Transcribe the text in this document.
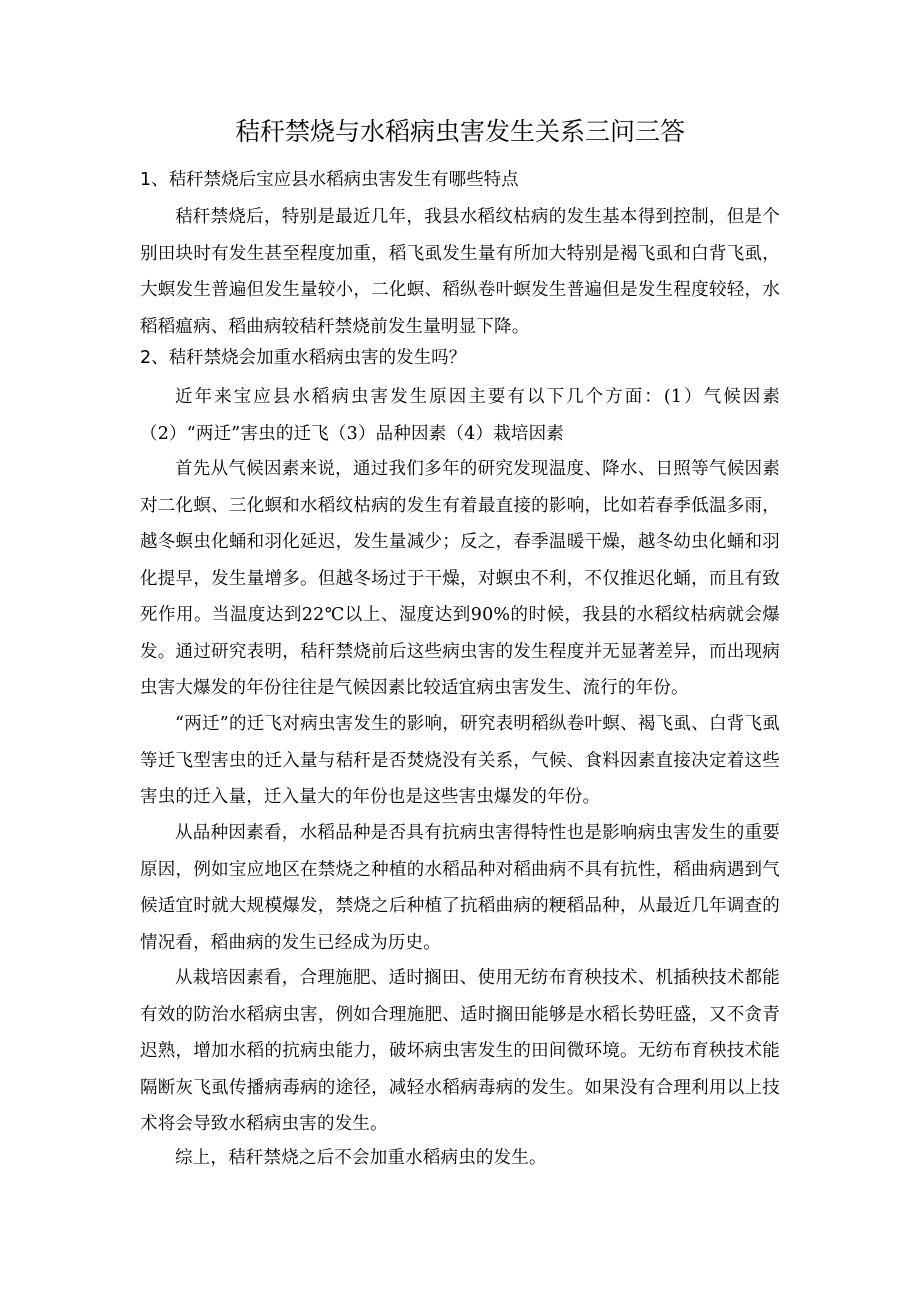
秸秆禁烧与水稻病虫害发生关系三问三答
1、秸秆禁烧后宝应县水稻病虫害发生有哪些特点

秸秆禁烧后，特别是最近几年，我县水稻纹枯病的发生基本得到控制，但是个别田块时有发生甚至程度加重，稻飞虱发生量有所加大特别是褐飞虱和白背飞虱，大螟发生普遍但发生量较小，二化螟、稻纵卷叶螟发生普遍但是发生程度较轻，水稻稻瘟病、稻曲病较秸秆禁烧前发生量明显下降。

2、秸秆禁烧会加重水稻病虫害的发生吗？

近年来宝应县水稻病虫害发生原因主要有以下几个方面：(1）气候因素（2）“两迁”害虫的迁飞（3）品种因素（4）栽培因素

首先从气候因素来说，通过我们多年的研究发现温度、降水、日照等气候因素对二化螟、三化螟和水稻纹枯病的发生有着最直接的影响，比如若春季低温多雨，越冬螟虫化蛹和羽化延迟，发生量减少；反之，春季温暖干燥，越冬幼虫化蛹和羽化提早，发生量增多。但越冬场过于干燥，对螟虫不利，不仅推迟化蛹，而且有致死作用。当温度达到22℃以上、湿度达到90%的时候，我县的水稻纹枯病就会爆发。通过研究表明，秸秆禁烧前后这些病虫害的发生程度并无显著差异，而出现病虫害大爆发的年份往往是气候因素比较适宜病虫害发生、流行的年份。

“两迁”的迁飞对病虫害发生的影响，研究表明稻纵卷叶螟、褐飞虱、白背飞虱等迁飞型害虫的迁入量与秸秆是否焚烧没有关系，气候、食料因素直接决定着这些害虫的迁入量，迁入量大的年份也是这些害虫爆发的年份。

从品种因素看，水稻品种是否具有抗病虫害得特性也是影响病虫害发生的重要原因，例如宝应地区在禁烧之种植的水稻品种对稻曲病不具有抗性，稻曲病遇到气候适宜时就大规模爆发，禁烧之后种植了抗稻曲病的粳稻品种，从最近几年调查的情况看，稻曲病的发生已经成为历史。

从栽培因素看，合理施肥、适时搁田、使用无纺布育秧技术、机插秧技术都能有效的防治水稻病虫害，例如合理施肥、适时搁田能够是水稻长势旺盛，又不贪青迟熟，增加水稻的抗病虫能力，破坏病虫害发生的田间微环境。无纺布育秧技术能隔断灰飞虱传播病毒病的途径，减轻水稻病毒病的发生。如果没有合理利用以上技术将会导致水稻病虫害的发生。

综上，秸秆禁烧之后不会加重水稻病虫的发生。
